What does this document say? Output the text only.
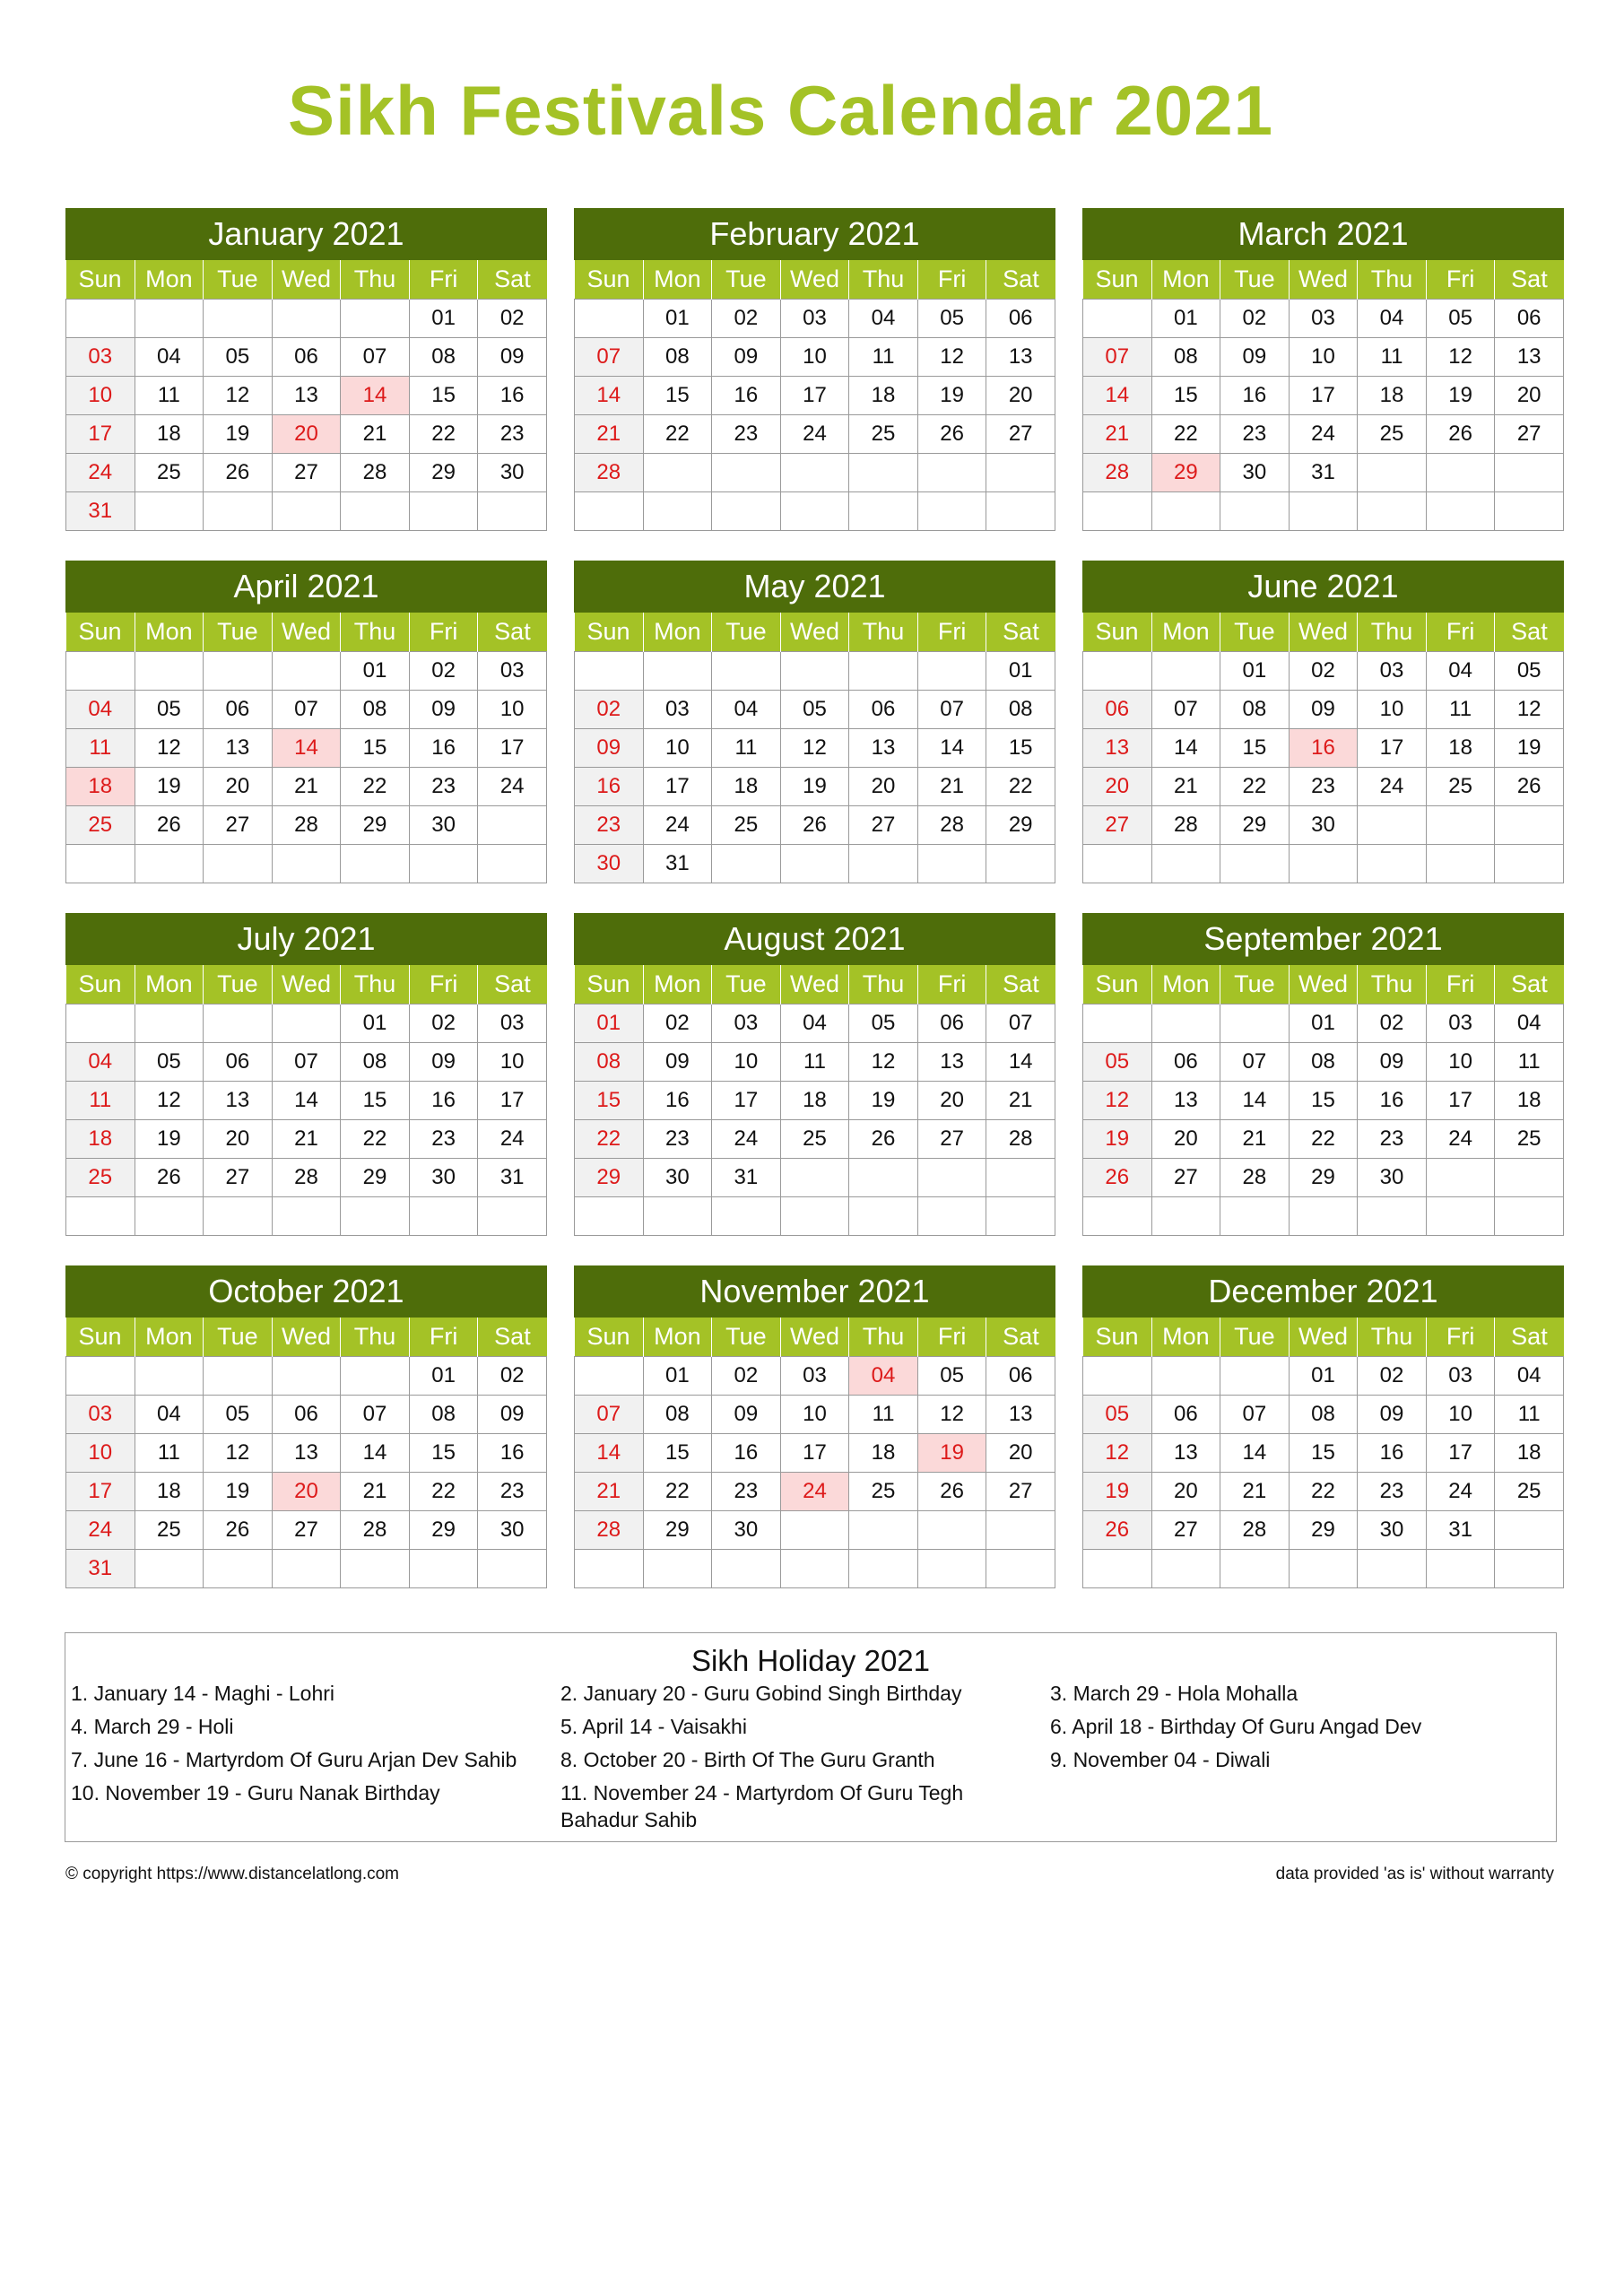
Sikh Festivals Calendar 2021
January 2021
Sun	Mon	Tue	Wed	Thu	Fri	Sat
					01	02
03	04	05	06	07	08	09
10	11	12	13	14	15	16
17	18	19	20	21	22	23
24	25	26	27	28	29	30
31						
February 2021
Sun	Mon	Tue	Wed	Thu	Fri	Sat
	01	02	03	04	05	06
07	08	09	10	11	12	13
14	15	16	17	18	19	20
21	22	23	24	25	26	27
28						

March 2021
Sun	Mon	Tue	Wed	Thu	Fri	Sat
	01	02	03	04	05	06
07	08	09	10	11	12	13
14	15	16	17	18	19	20
21	22	23	24	25	26	27
28	29	30	31			

April 2021
Sun	Mon	Tue	Wed	Thu	Fri	Sat
				01	02	03
04	05	06	07	08	09	10
11	12	13	14	15	16	17
18	19	20	21	22	23	24
25	26	27	28	29	30	

May 2021
Sun	Mon	Tue	Wed	Thu	Fri	Sat
						01
02	03	04	05	06	07	08
09	10	11	12	13	14	15
16	17	18	19	20	21	22
23	24	25	26	27	28	29
30	31					
June 2021
Sun	Mon	Tue	Wed	Thu	Fri	Sat
		01	02	03	04	05
06	07	08	09	10	11	12
13	14	15	16	17	18	19
20	21	22	23	24	25	26
27	28	29	30			

July 2021
Sun	Mon	Tue	Wed	Thu	Fri	Sat
				01	02	03
04	05	06	07	08	09	10
11	12	13	14	15	16	17
18	19	20	21	22	23	24
25	26	27	28	29	30	31

August 2021
Sun	Mon	Tue	Wed	Thu	Fri	Sat
01	02	03	04	05	06	07
08	09	10	11	12	13	14
15	16	17	18	19	20	21
22	23	24	25	26	27	28
29	30	31				

September 2021
Sun	Mon	Tue	Wed	Thu	Fri	Sat
			01	02	03	04
05	06	07	08	09	10	11
12	13	14	15	16	17	18
19	20	21	22	23	24	25
26	27	28	29	30		

October 2021
Sun	Mon	Tue	Wed	Thu	Fri	Sat
					01	02
03	04	05	06	07	08	09
10	11	12	13	14	15	16
17	18	19	20	21	22	23
24	25	26	27	28	29	30
31						
November 2021
Sun	Mon	Tue	Wed	Thu	Fri	Sat
	01	02	03	04	05	06
07	08	09	10	11	12	13
14	15	16	17	18	19	20
21	22	23	24	25	26	27
28	29	30				

December 2021
Sun	Mon	Tue	Wed	Thu	Fri	Sat
			01	02	03	04
05	06	07	08	09	10	11
12	13	14	15	16	17	18
19	20	21	22	23	24	25
26	27	28	29	30	31	

Sikh Holiday 2021
1. January 14 - Maghi - Lohri	2. January 20 - Guru Gobind Singh Birthday	3. March 29 - Hola Mohalla
4. March 29 - Holi	5. April 14 - Vaisakhi	6. April 18 - Birthday Of Guru Angad Dev
7. June 16 - Martyrdom Of Guru Arjan Dev Sahib	8. October 20 - Birth Of The Guru Granth	9. November 04 - Diwali
10. November 19 - Guru Nanak Birthday	11. November 24 - Martyrdom Of Guru Tegh Bahadur Sahib
© copyright https://www.distancelatlong.com	data provided 'as is' without warranty
